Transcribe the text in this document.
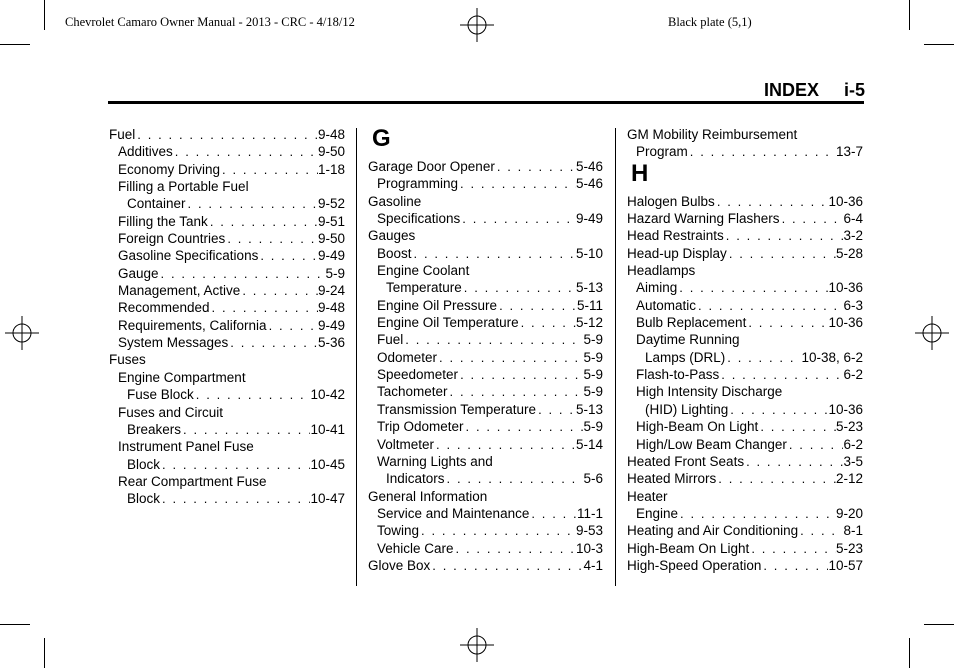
Chevrolet Camaro Owner Manual - 2013 - CRC - 4/18/12	Black plate (5,1)
INDEX     i-5
Fuel . . .	9-48
Additives . . .	9-50
Economy Driving . . .	1-18
Filling a Portable Fuel
Container . . .	9-52
Filling the Tank . . .	9-51
Foreign Countries . . .	9-50
Gasoline Specifications . . .	9-49
Gauge . . .	5-9
Management, Active . . .	9-24
Recommended . . .	9-48
Requirements, California . . .	9-49
System Messages . . .	5-36
Fuses
Engine Compartment
Fuse Block . . .	10-42
Fuses and Circuit
Breakers . . .	10-41
Instrument Panel Fuse
Block . . .	10-45
Rear Compartment Fuse
Block . . .	10-47
G
Garage Door Opener . . .	5-46
Programming . . .	5-46
Gasoline
Specifications . . .	9-49
Gauges
Boost . . .	5-10
Engine Coolant
Temperature . . .	5-13
Engine Oil Pressure . . .	5-11
Engine Oil Temperature . . .	5-12
Fuel . . .	5-9
Odometer . . .	5-9
Speedometer . . .	5-9
Tachometer . . .	5-9
Transmission Temperature . . .	5-13
Trip Odometer . . .	5-9
Voltmeter . . .	5-14
Warning Lights and
Indicators . . .	5-6
General Information
Service and Maintenance . . .	11-1
Towing . . .	9-53
Vehicle Care . . .	10-3
Glove Box . . .	4-1
GM Mobility Reimbursement
Program . . .	13-7
H
Halogen Bulbs . . .	10-36
Hazard Warning Flashers . . .	6-4
Head Restraints . . .	3-2
Head-up Display . . .	5-28
Headlamps
Aiming . . .	10-36
Automatic . . .	6-3
Bulb Replacement . . .	10-36
Daytime Running
Lamps (DRL) . . .	10-38, 6-2
Flash-to-Pass . . .	6-2
High Intensity Discharge
(HID) Lighting . . .	10-36
High-Beam On Light . . .	5-23
High/Low Beam Changer . . .	6-2
Heated Front Seats . . .	3-5
Heated Mirrors . . .	2-12
Heater
Engine . . .	9-20
Heating and Air Conditioning . . .	8-1
High-Beam On Light . . .	5-23
High-Speed Operation . . .	10-57
